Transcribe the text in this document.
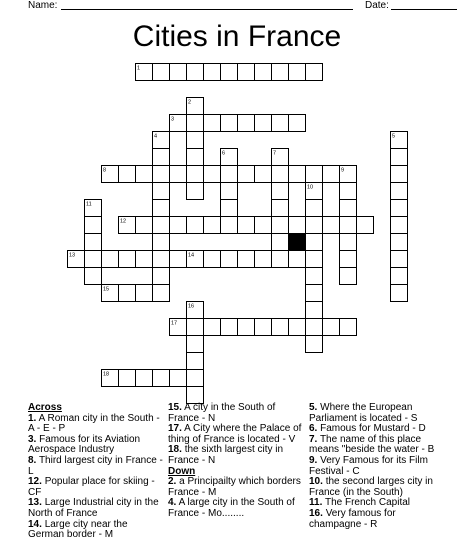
Name:	Date:
Cities in France
1
2
3
4	5
6	7
8	9
10
11
12
13	14
15
16
17
18
Across
1. A Roman city in the South - A - E - P
3. Famous for its Aviation Aerospace Industry
8. Third largest city in France - L
12. Popular place for skiing - CF
13. Large Industrial city in the North of France
14. Large city near the German border - M
15. A city in the South of France - N
17. A City where the Palace of thing of France is located - V
18. the sixth largest city in France - N
Down
2. a Principailty which borders France - M
4. A large city in the South of France - Mo........
5. Where the European Parliament is located - S
6. Famous for Mustard - D
7. The name of this place means "beside the water - B
9. Very Famous for its Film Festival - C
10. the second larges city in France (in the South)
11. The French Capital
16. Very famous for champagne - R
